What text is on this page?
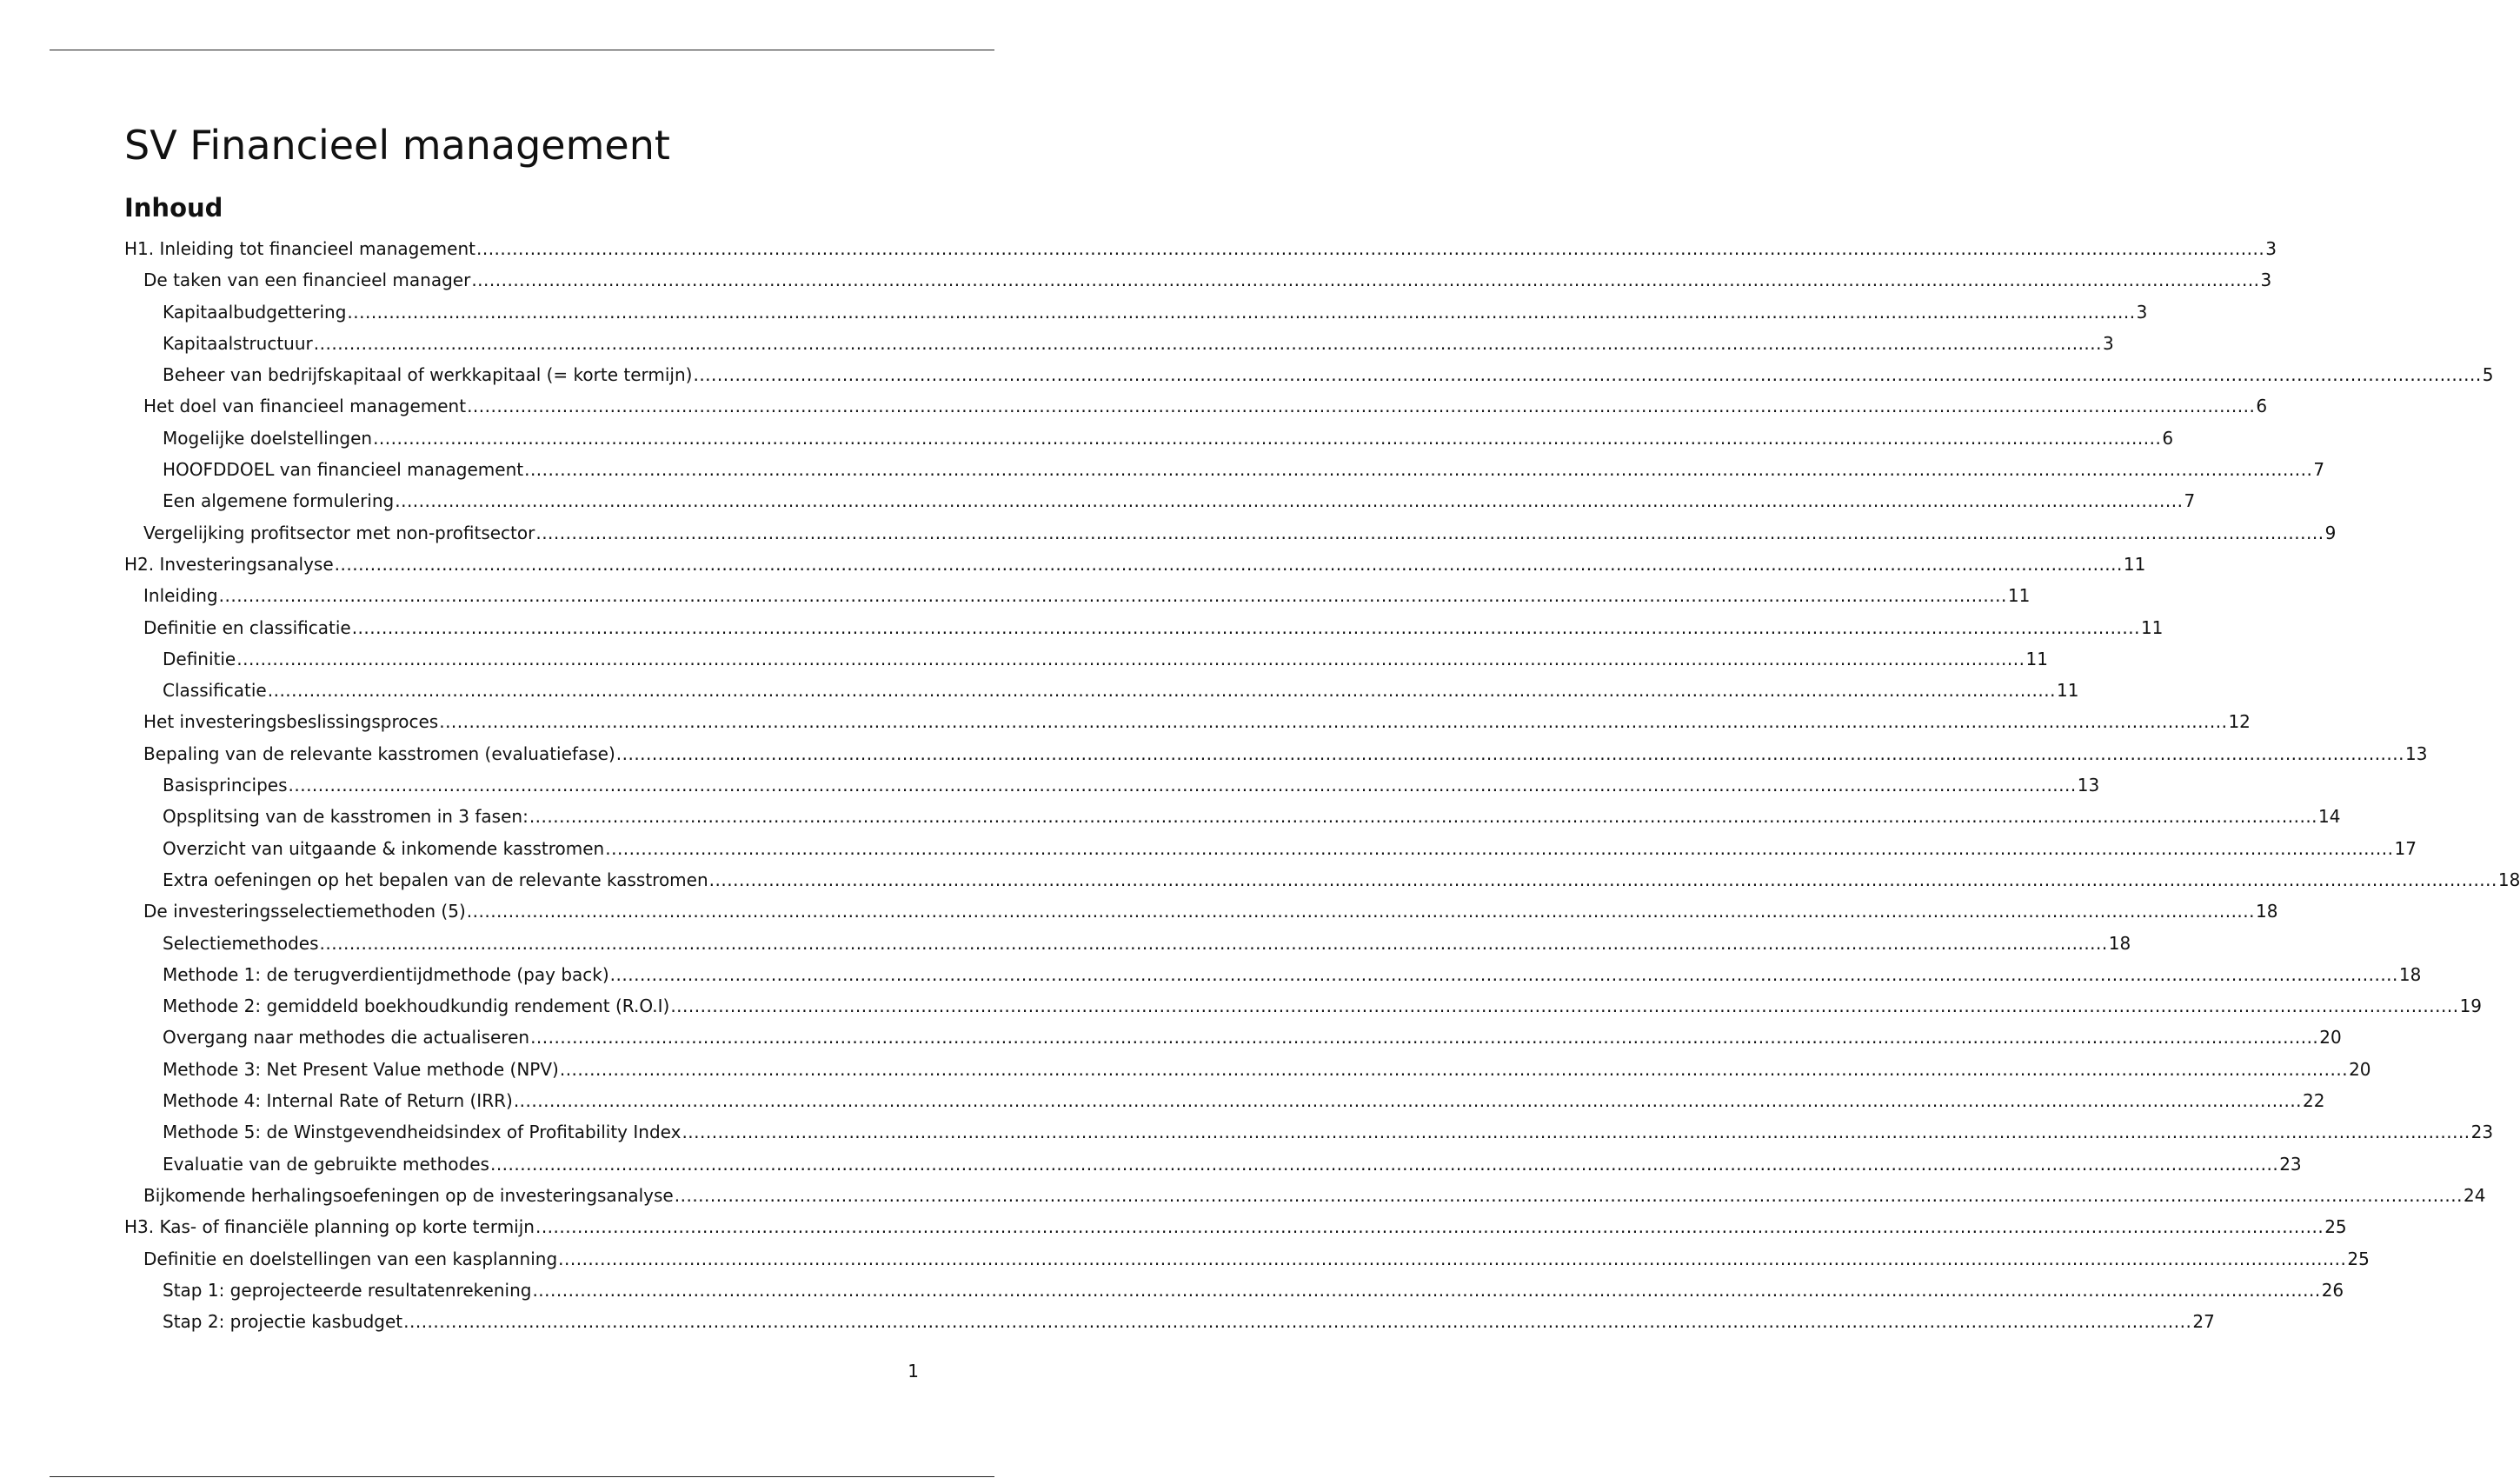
SV Financieel management
Inhoud
H1. Inleiding tot financieel management ............................................................................................................................................................................................................................................................................................................ 3
De taken van een financieel manager ............................................................................................................................................................................................................................................................................................................ 3
Kapitaalbudgettering ............................................................................................................................................................................................................................................................................................................ 3
Kapitaalstructuur ............................................................................................................................................................................................................................................................................................................ 3
Beheer van bedrijfskapitaal of werkkapitaal (= korte termijn) ............................................................................................................................................................................................................................................................................................................ 5
Het doel van financieel management ............................................................................................................................................................................................................................................................................................................ 6
Mogelijke doelstellingen ............................................................................................................................................................................................................................................................................................................ 6
HOOFDDOEL van financieel management ............................................................................................................................................................................................................................................................................................................ 7
Een algemene formulering ............................................................................................................................................................................................................................................................................................................ 7
Vergelijking profitsector met non-profitsector ............................................................................................................................................................................................................................................................................................................ 9
H2. Investeringsanalyse ............................................................................................................................................................................................................................................................................................................ 11
Inleiding ............................................................................................................................................................................................................................................................................................................ 11
Definitie en classificatie ............................................................................................................................................................................................................................................................................................................ 11
Definitie ............................................................................................................................................................................................................................................................................................................ 11
Classificatie ............................................................................................................................................................................................................................................................................................................ 11
Het investeringsbeslissingsproces ............................................................................................................................................................................................................................................................................................................ 12
Bepaling van de relevante kasstromen (evaluatiefase) ............................................................................................................................................................................................................................................................................................................ 13
Basisprincipes ............................................................................................................................................................................................................................................................................................................ 13
Opsplitsing van de kasstromen in 3 fasen: ............................................................................................................................................................................................................................................................................................................ 14
Overzicht van uitgaande & inkomende kasstromen ............................................................................................................................................................................................................................................................................................................ 17
Extra oefeningen op het bepalen van de relevante kasstromen ............................................................................................................................................................................................................................................................................................................ 18
De investeringsselectiemethoden (5) ............................................................................................................................................................................................................................................................................................................ 18
Selectiemethodes ............................................................................................................................................................................................................................................................................................................ 18
Methode 1: de terugverdientijdmethode (pay back) ............................................................................................................................................................................................................................................................................................................ 18
Methode 2: gemiddeld boekhoudkundig rendement (R.O.I) ............................................................................................................................................................................................................................................................................................................ 19
Overgang naar methodes die actualiseren ............................................................................................................................................................................................................................................................................................................ 20
Methode 3: Net Present Value methode (NPV) ............................................................................................................................................................................................................................................................................................................ 20
Methode 4: Internal Rate of Return (IRR) ............................................................................................................................................................................................................................................................................................................ 22
Methode 5: de Winstgevendheidsindex of Profitability Index ............................................................................................................................................................................................................................................................................................................ 23
Evaluatie van de gebruikte methodes ............................................................................................................................................................................................................................................................................................................ 23
Bijkomende herhalingsoefeningen op de investeringsanalyse ............................................................................................................................................................................................................................................................................................................ 24
H3. Kas- of financiële planning op korte termijn ............................................................................................................................................................................................................................................................................................................ 25
Definitie en doelstellingen van een kasplanning ............................................................................................................................................................................................................................................................................................................ 25
Stap 1: geprojecteerde resultatenrekening ............................................................................................................................................................................................................................................................................................................ 26
Stap 2: projectie kasbudget ............................................................................................................................................................................................................................................................................................................ 27
1
